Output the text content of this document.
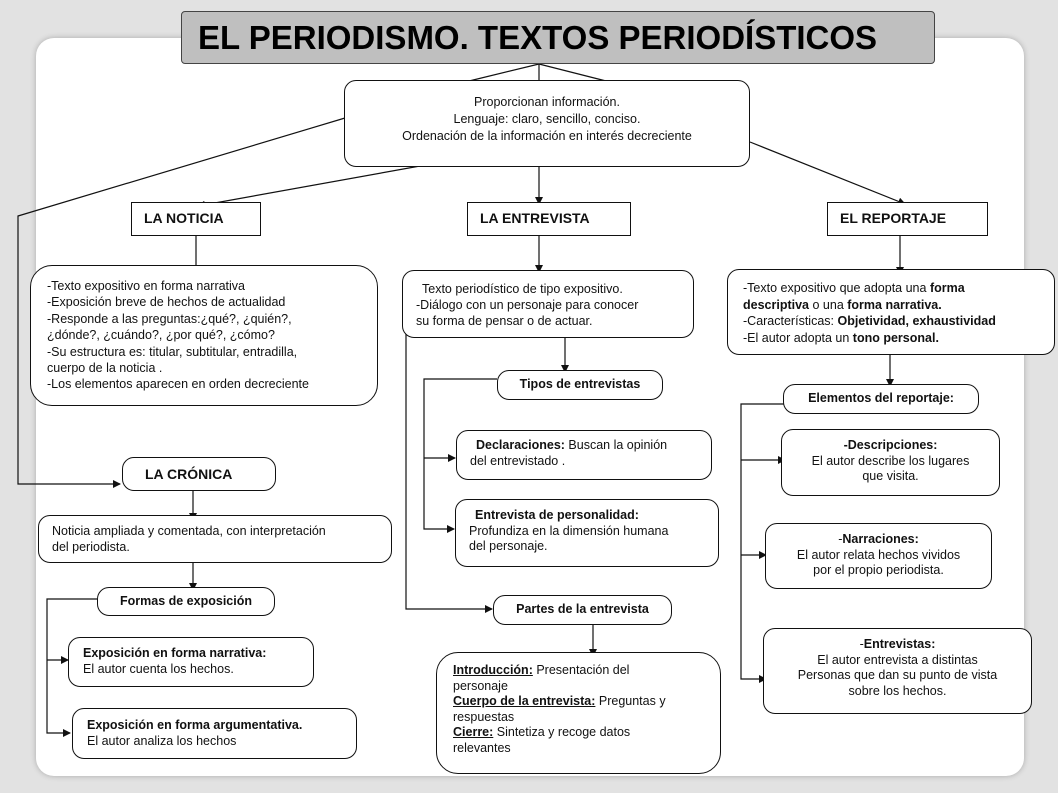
EL PERIODISMO. TEXTOS PERIODÍSTICOS
Proporcionan información.
Lenguaje: claro, sencillo, conciso.
Ordenación de la información en interés decreciente
LA NOTICIA	LA ENTREVISTA	EL REPORTAJE
-Texto expositivo en forma narrativa
-Exposición breve de hechos de actualidad
-Responde a las preguntas:¿qué?, ¿quién?,
¿dónde?, ¿cuándo?, ¿por qué?, ¿cómo?
-Su estructura es: titular, subtitular, entradilla,
cuerpo de la noticia .
-Los elementos aparecen en orden decreciente
LA CRÓNICA
Noticia ampliada y comentada, con interpretación
del periodista.
Formas de exposición
Exposición en forma narrativa:
El autor cuenta los hechos.
Exposición en forma argumentativa.
El autor analiza los hechos
Texto periodístico de tipo expositivo.
-Diálogo con un personaje para conocer
su forma de pensar o de actuar.
Tipos de entrevistas
Declaraciones: Buscan la opinión
del entrevistado .
Entrevista de personalidad:
Profundiza en la dimensión humana
del personaje.
Partes de la entrevista
Introducción: Presentación del
personaje
Cuerpo de la entrevista: Preguntas y
respuestas
Cierre: Sintetiza y recoge datos
relevantes
-Texto expositivo que adopta una forma
descriptiva o una forma narrativa.
-Características: Objetividad, exhaustividad
-El autor adopta un tono personal.
Elementos del reportaje:
-Descripciones:
El autor describe los lugares
que visita.
-Narraciones:
El autor relata hechos vividos
por el propio periodista.
-Entrevistas:
El autor entrevista a distintas
Personas que dan su punto de vista
sobre los hechos.
